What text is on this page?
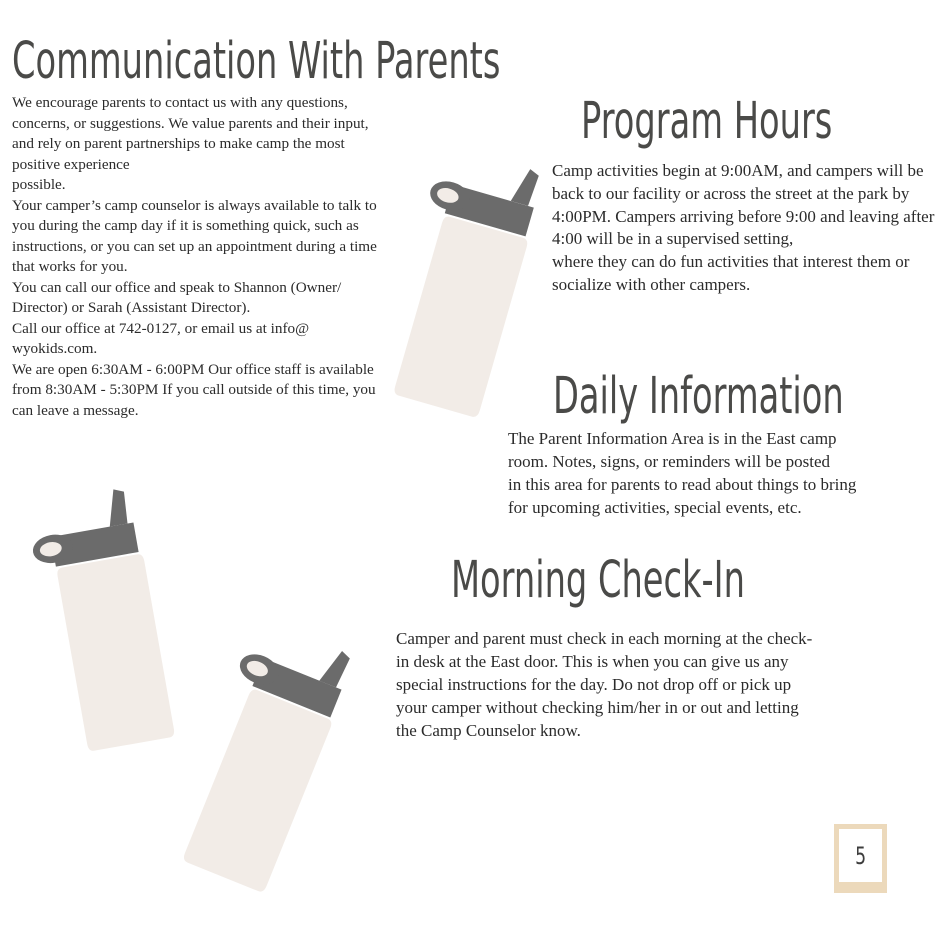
Communication With Parents

We encourage parents to contact us with any questions, concerns, or suggestions. We value parents and their input, and rely on parent partnerships to make camp the most positive experience

possible.

Your camper’s camp counselor is always available to talk to you during the camp day if it is something quick, such as instructions, or you can set up an appointment during a time that works for you.

You can call our office and speak to Shannon (Owner/ Director) or Sarah (Assistant Director).

Call our office at 742-0127, or email us at info@ wyokids.com.

We are open 6:30AM - 6:00PM Our office staff is available from 8:30AM - 5:30PM If you call outside of this time, you can leave a message.

Program Hours

Camp activities begin at 9:00AM, and campers will be back to our facility or across the street at the park by 4:00PM. Campers arriving before 9:00 and leaving after 4:00 will be in a supervised setting,

where they can do fun activities that interest them or socialize with other campers.

Daily Information
The Parent Information Area is in the East camp
room. Notes, signs, or reminders will be posted
in this area for parents to read about things to bring
for upcoming activities, special events, etc.
Morning Check-In
Camper and parent must check in each morning at the check-
in desk at the East door. This is when you can give us any
special instructions for the day. Do not drop off or pick up
your camper without checking him/her in or out and letting
the Camp Counselor know.
5
